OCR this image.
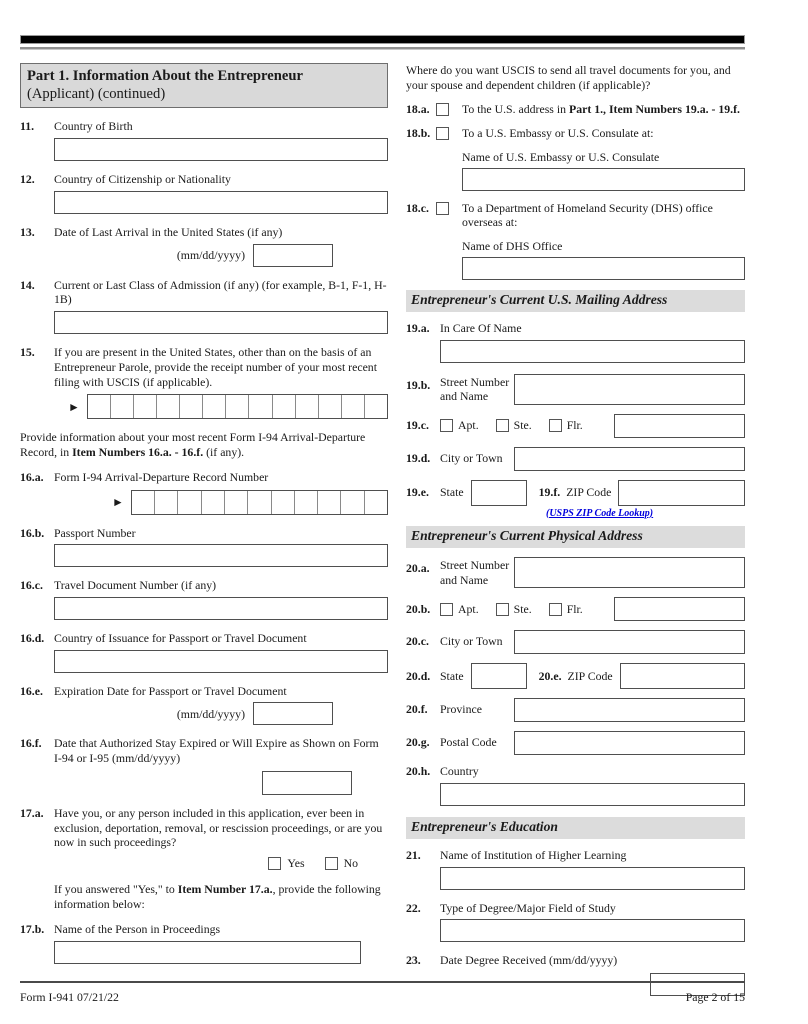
Part 1. Information About the Entrepreneur
(Applicant) (continued)
11.	Country of Birth
12.	Country of Citizenship or Nationality
13.	Date of Last Arrival in the United States (if any)
(mm/dd/yyyy)
14.	Current or Last Class of Admission (if any) (for example, B-1, F-1, H-1B)
15.	If you are present in the United States, other than on the basis of an Entrepreneur Parole, provide the receipt number of your most recent filing with USCIS (if applicable).
►
Provide information about your most recent Form I-94 Arrival-Departure Record, in Item Numbers 16.a. - 16.f. (if any).
16.a. Form I-94 Arrival-Departure Record Number
►
16.b. Passport Number
16.c. Travel Document Number (if any)
16.d. Country of Issuance for Passport or Travel Document
16.e. Expiration Date for Passport or Travel Document
(mm/dd/yyyy)
16.f.	Date that Authorized Stay Expired or Will Expire as Shown on Form I-94 or I-95 (mm/dd/yyyy)
17.a. Have you, or any person included in this application, ever been in exclusion, deportation, removal, or rescission proceedings, or are you now in such proceedings?
Yes	No
If you answered "Yes," to Item Number 17.a., provide the following information below:
17.b. Name of the Person in Proceedings
Where do you want USCIS to send all travel documents for you, and your spouse and dependent children (if applicable)?
18.a.	To the U.S. address in Part 1., Item Numbers 19.a. - 19.f.
18.b.	To a U.S. Embassy or U.S. Consulate at:
Name of U.S. Embassy or U.S. Consulate
18.c.	To a Department of Homeland Security (DHS) office overseas at:
Name of DHS Office
Entrepreneur's Current U.S. Mailing Address
19.a. In Care Of Name
19.b. Street Number and Name
19.c.	Apt.	Ste.	Flr.
19.d. City or Town
19.e. State	19.f. ZIP Code
(USPS ZIP Code Lookup)
Entrepreneur's Current Physical Address
20.a. Street Number and Name
20.b.	Apt.	Ste.	Flr.
20.c. City or Town
20.d. State	20.e. ZIP Code
20.f.	Province
20.g. Postal Code
20.h. Country
Entrepreneur's Education
21.	Name of Institution of Higher Learning
22.	Type of Degree/Major Field of Study
23.	Date Degree Received (mm/dd/yyyy)
Form I-941 07/21/22	Page 2 of 15
